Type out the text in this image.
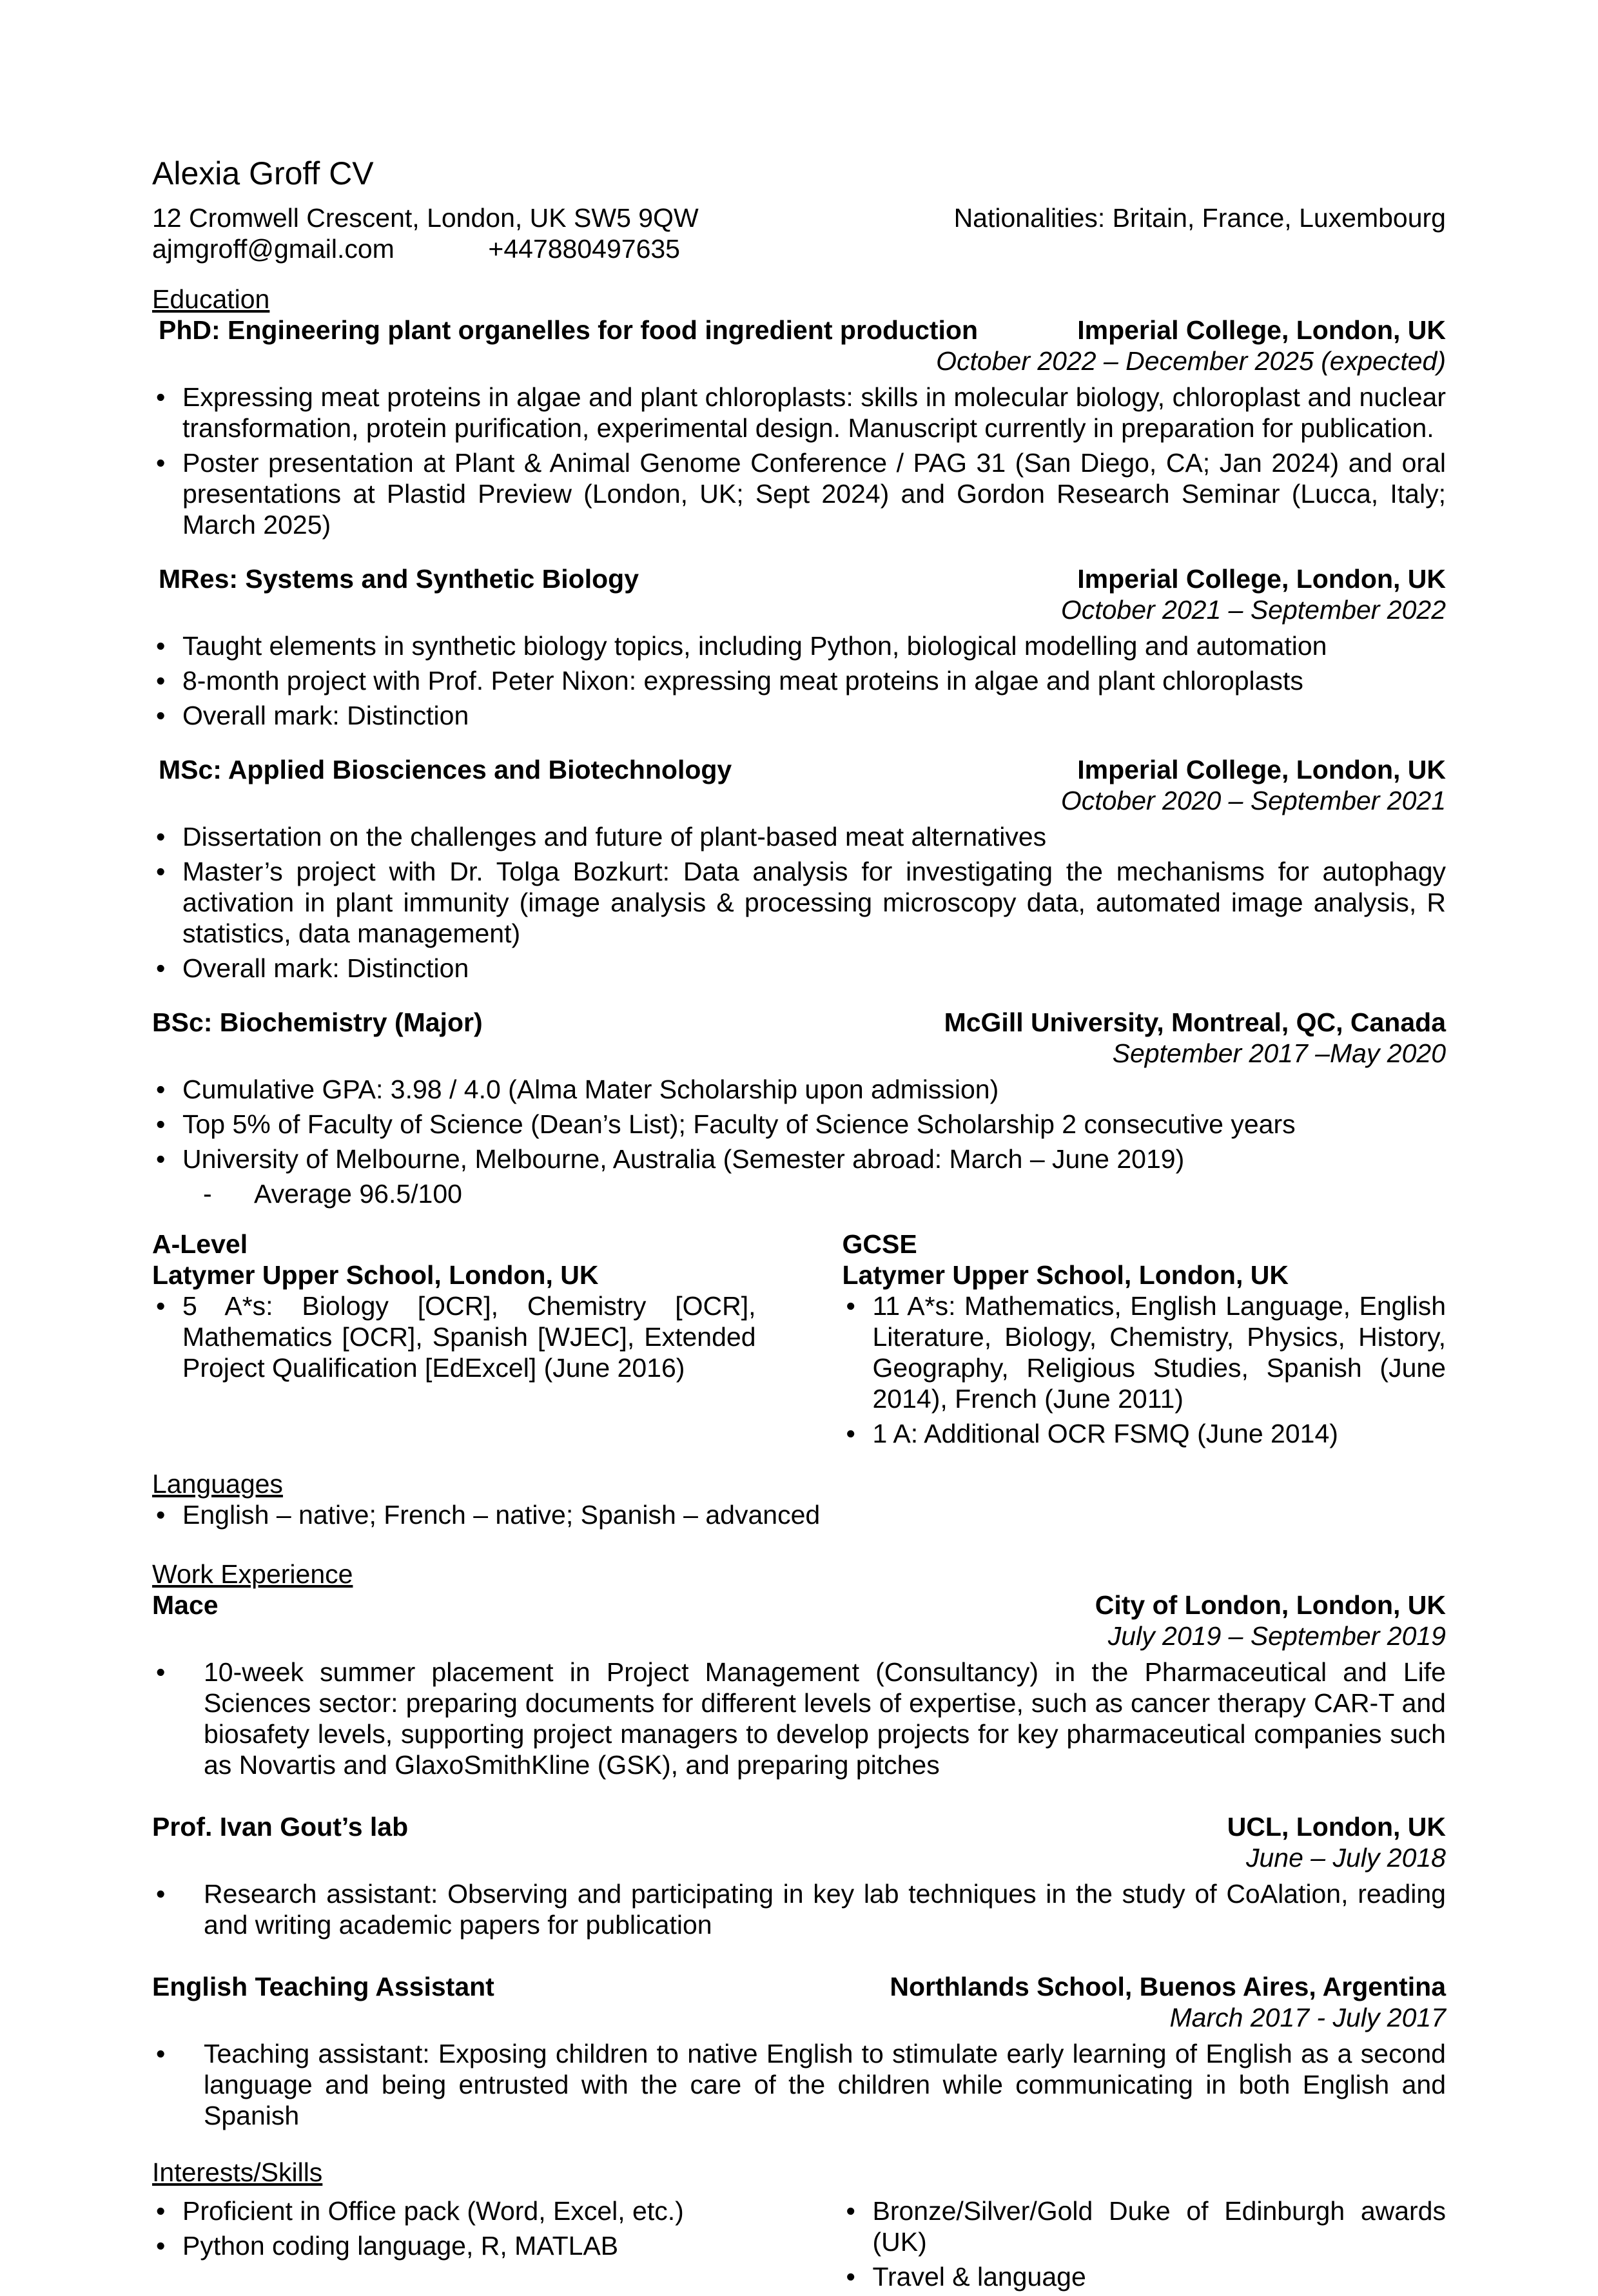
Alexia Groff CV
12 Cromwell Crescent, London, UK SW5 9QW	Nationalities: Britain, France, Luxembourg
ajmgroff@gmail.com	+447880497635
Education
PhD: Engineering plant organelles for food ingredient production	Imperial College, London, UK
October 2022 – December 2025 (expected)
• Expressing meat proteins in algae and plant chloroplasts: skills in molecular biology, chloroplast and nuclear transformation, protein purification, experimental design. Manuscript currently in preparation for publication.
• Poster presentation at Plant & Animal Genome Conference / PAG 31 (San Diego, CA; Jan 2024) and oral presentations at Plastid Preview (London, UK; Sept 2024) and Gordon Research Seminar (Lucca, Italy; March 2025)
MRes: Systems and Synthetic Biology	Imperial College, London, UK
October 2021 – September 2022
• Taught elements in synthetic biology topics, including Python, biological modelling and automation
• 8-month project with Prof. Peter Nixon: expressing meat proteins in algae and plant chloroplasts
• Overall mark: Distinction
MSc: Applied Biosciences and Biotechnology	Imperial College, London, UK
October 2020 – September 2021
• Dissertation on the challenges and future of plant-based meat alternatives
• Master’s project with Dr. Tolga Bozkurt: Data analysis for investigating the mechanisms for autophagy activation in plant immunity (image analysis & processing microscopy data, automated image analysis, R statistics, data management)
• Overall mark: Distinction
BSc: Biochemistry (Major)	McGill University, Montreal, QC, Canada
September 2017 –May 2020
• Cumulative GPA: 3.98 / 4.0 (Alma Mater Scholarship upon admission)
• Top 5% of Faculty of Science (Dean’s List); Faculty of Science Scholarship 2 consecutive years
• University of Melbourne, Melbourne, Australia (Semester abroad: March – June 2019)
- Average 96.5/100
A-Level
Latymer Upper School, London, UK
• 5 A*s: Biology [OCR], Chemistry [OCR], Mathematics [OCR], Spanish [WJEC], Extended Project Qualification [EdExcel] (June 2016)
GCSE
Latymer Upper School, London, UK
• 11 A*s: Mathematics, English Language, English Literature, Biology, Chemistry, Physics, History, Geography, Religious Studies, Spanish (June 2014), French (June 2011)
• 1 A: Additional OCR FSMQ (June 2014)
Languages
• English – native; French – native; Spanish – advanced
Work Experience
Mace	City of London, London, UK
July 2019 – September 2019
• 10-week summer placement in Project Management (Consultancy) in the Pharmaceutical and Life Sciences sector: preparing documents for different levels of expertise, such as cancer therapy CAR-T and biosafety levels, supporting project managers to develop projects for key pharmaceutical companies such as Novartis and GlaxoSmithKline (GSK), and preparing pitches
Prof. Ivan Gout’s lab	UCL, London, UK
June – July 2018
• Research assistant: Observing and participating in key lab techniques in the study of CoAlation, reading and writing academic papers for publication
English Teaching Assistant	Northlands School, Buenos Aires, Argentina
March 2017 - July 2017
• Teaching assistant: Exposing children to native English to stimulate early learning of English as a second language and being entrusted with the care of the children while communicating in both English and Spanish
Interests/Skills
• Proficient in Office pack (Word, Excel, etc.)
• Python coding language, R, MATLAB
• Bronze/Silver/Gold Duke of Edinburgh awards (UK)
• Travel & language
